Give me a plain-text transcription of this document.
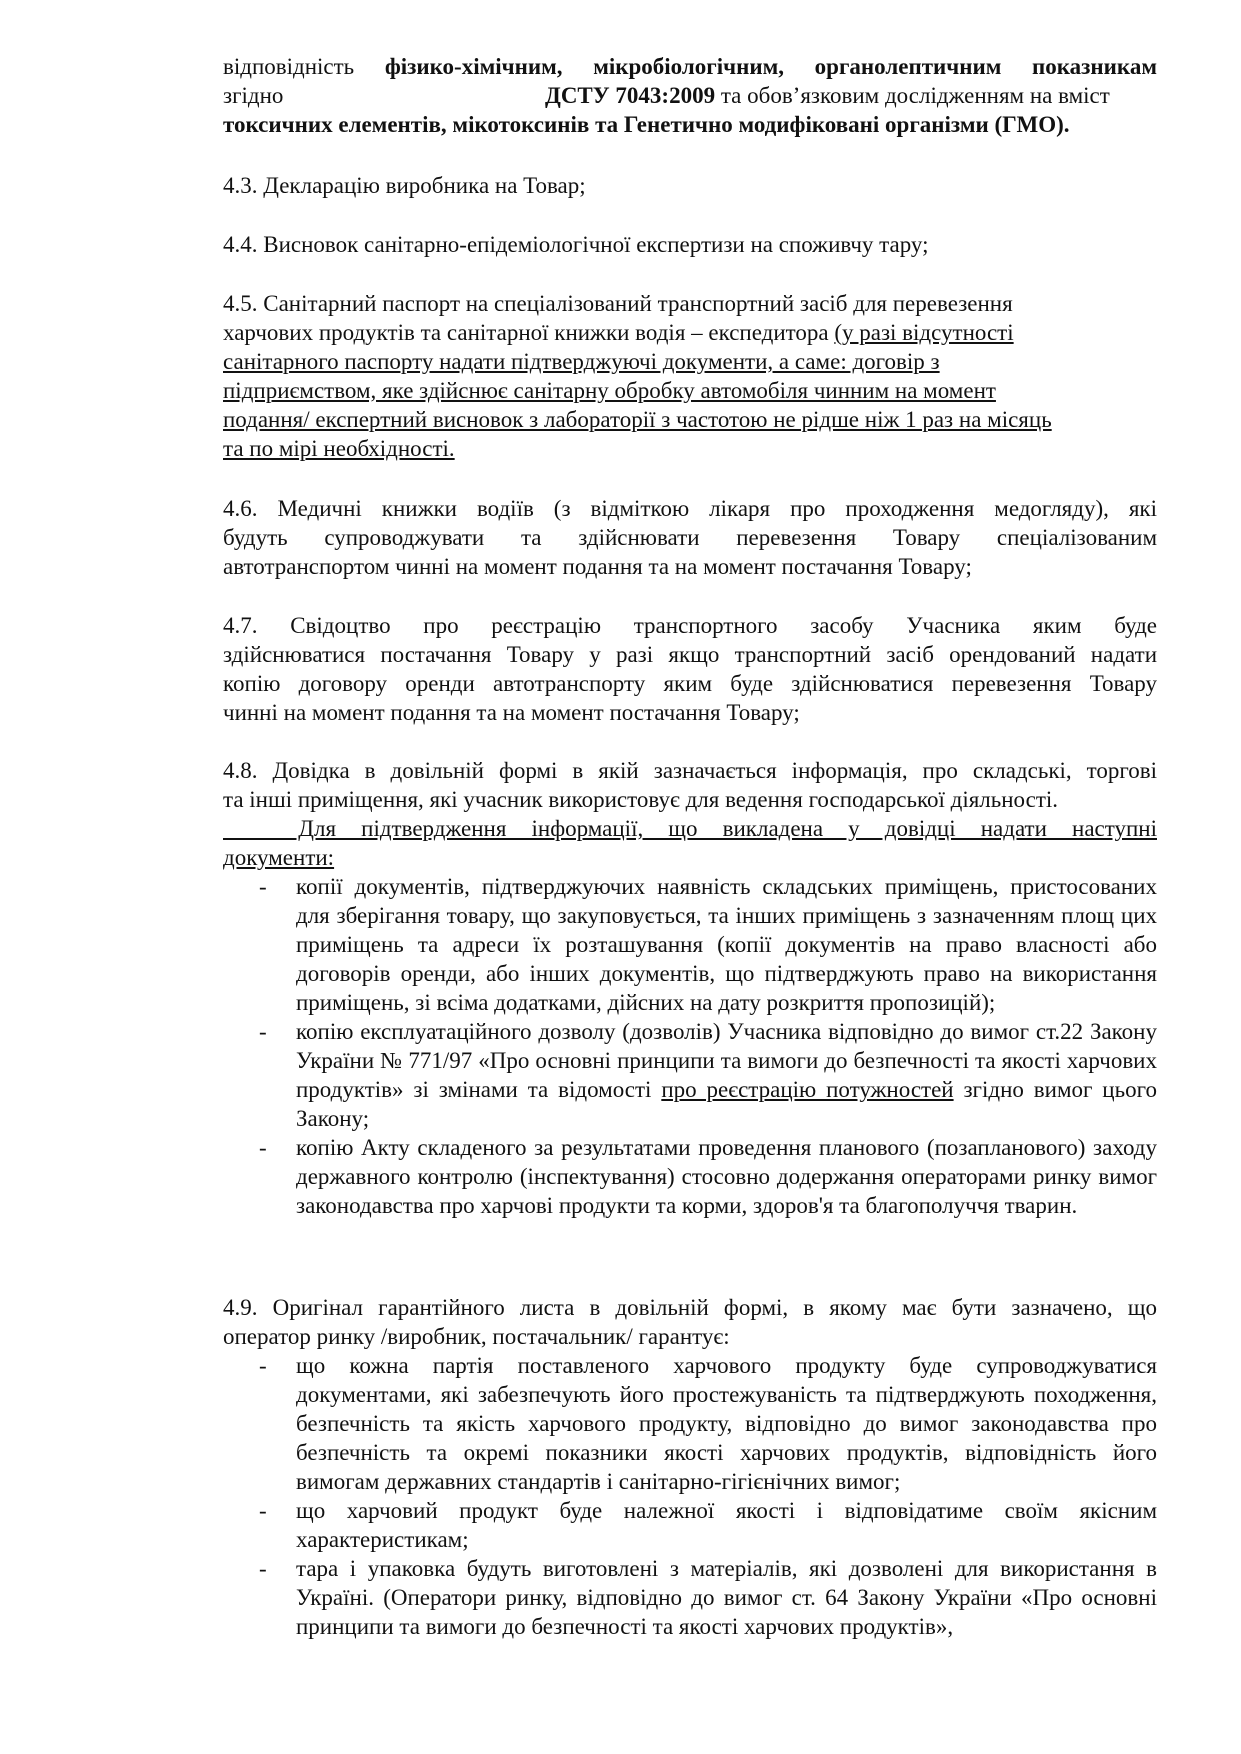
відповідність фізико-хімічним, мікробіологічним, органолептичним показникам
згідно	ДСТУ 7043:2009 та обов’язковим дослідженням на вміст
токсичних елементів, мікотоксинів та Генетично модифіковані організми (ГМО).
4.3. Декларацію виробника на Товар;
4.4. Висновок санітарно-епідеміологічної експертизи на споживчу тару;
4.5. Санітарний паспорт на спеціалізований транспортний засіб для перевезення
харчових продуктів та санітарної книжки водія – експедитора (у разі відсутності
санітарного паспорту надати підтверджуючі документи, а саме: договір з
підприємством, яке здійснює санітарну обробку автомобіля чинним на момент
подання/ експертний висновок з лабораторії з частотою не рідше ніж 1 раз на місяць
та по мірі необхідності.
4.6. Медичні книжки водіїв (з відміткою лікаря про проходження медогляду), які
будуть супроводжувати та здійснювати перевезення Товару спеціалізованим
автотранспортом чинні на момент подання та на момент постачання Товару;
4.7. Свідоцтво про реєстрацію транспортного засобу Учасника яким буде
здійснюватися постачання Товару у разі якщо транспортний засіб орендований надати
копію договору оренди автотранспорту яким буде здійснюватися перевезення Товару
чинні на момент подання та на момент постачання Товару;
4.8. Довідка в довільній формі в якій зазначається інформація, про складські, торгові
та інші приміщення, які учасник використовує для ведення господарської діяльності.
Для підтвердження інформації, що викладена у довідці надати наступні
документи:
- копії документів, підтверджуючих наявність складських приміщень, пристосованих для зберігання товару, що закуповується, та інших приміщень з зазначенням площ цих приміщень та адреси їх розташування (копії документів на право власності або договорів оренди, або інших документів, що підтверджують право на використання приміщень, зі всіма додатками, дійсних на дату розкриття пропозицій);
- копію експлуатаційного дозволу (дозволів) Учасника відповідно до вимог ст.22 Закону України № 771/97 «Про основні принципи та вимоги до безпечності та якості харчових продуктів» зі змінами та відомості про реєстрацію потужностей згідно вимог цього Закону;
- копію Акту складеного за результатами проведення планового (позапланового) заходу державного контролю (інспектування) стосовно додержання операторами ринку вимог законодавства про харчові продукти та корми, здоров'я та благополуччя тварин.
4.9. Оригінал гарантійного листа в довільній формі, в якому має бути зазначено, що
оператор ринку /виробник, постачальник/ гарантує:
- що кожна партія поставленого харчового продукту буде супроводжуватися документами, які забезпечують його простежуваність та підтверджують походження, безпечність та якість харчового продукту, відповідно до вимог законодавства про безпечність та окремі показники якості харчових продуктів, відповідність його вимогам державних стандартів і санітарно-гігієнічних вимог;
- що харчовий продукт буде належної якості і відповідатиме своїм якісним характеристикам;
- тара і упаковка будуть виготовлені з матеріалів, які дозволені для використання в Україні. (Оператори ринку, відповідно до вимог ст. 64 Закону України «Про основні принципи та вимоги до безпечності та якості харчових продуктів»,
